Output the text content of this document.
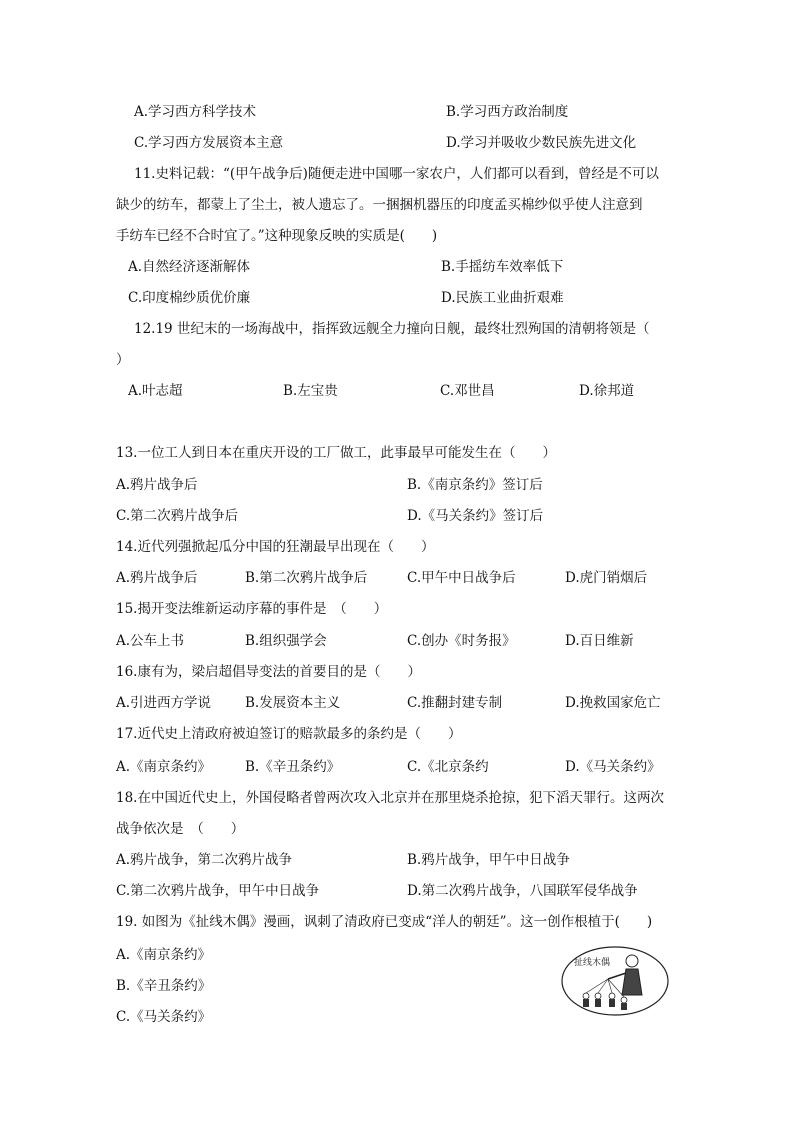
A.学习西方科学技术	B.学习西方政治制度
C.学习西方发展资本主意	D.学习并吸收少数民族先进文化
11.史料记载：“(甲午战争后)随便走进中国哪一家农户，人们都可以看到，曾经是不可以
缺少的纺车，都蒙上了尘土，被人遗忘了。一捆捆机器压的印度孟买棉纱似乎使人注意到
手纺车已经不合时宜了。”这种现象反映的实质是(　　)
A.自然经济逐渐解体	B.手摇纺车效率低下
C.印度棉纱质优价廉	D.民族工业曲折艰难
12.19 世纪末的一场海战中，指挥致远舰全力撞向日舰，最终壮烈殉国的清朝将领是（
）
A.叶志超	B.左宝贵	C.邓世昌	D.徐邦道
13.一位工人到日本在重庆开设的工厂做工，此事最早可能发生在（　　）
A.鸦片战争后	B.《南京条约》签订后
C.第二次鸦片战争后	D.《马关条约》签订后
14.近代列强掀起瓜分中国的狂潮最早出现在（　　）
A.鸦片战争后	B.第二次鸦片战争后	C.甲午中日战争后	D.虎门销烟后
15.揭开变法维新运动序幕的事件是　（　　）
A.公车上书	B.组织强学会	C.创办《时务报》	D.百日维新
16.康有为，梁启超倡导变法的首要目的是（　　）
A.引进西方学说	B.发展资本主义	C.推翻封建专制	D.挽救国家危亡
17.近代史上清政府被迫签订的赔款最多的条约是（　　）
A.《南京条约》	B.《辛丑条约》	C.《北京条约	D.《马关条约》
18.在中国近代史上，外国侵略者曾两次攻入北京并在那里烧杀抢掠，犯下滔天罪行。这两次
战争依次是　（　　）
A.鸦片战争，第二次鸦片战争	B.鸦片战争，甲午中日战争
C.第二次鸦片战争，甲午中日战争	D.第二次鸦片战争，八国联军侵华战争
19. 如图为《扯线木偶》漫画，讽刺了清政府已变成“洋人的朝廷”。这一创作根植于(　　)
A.《南京条约》
B.《辛丑条约》
C.《马关条约》
扯线木偶
